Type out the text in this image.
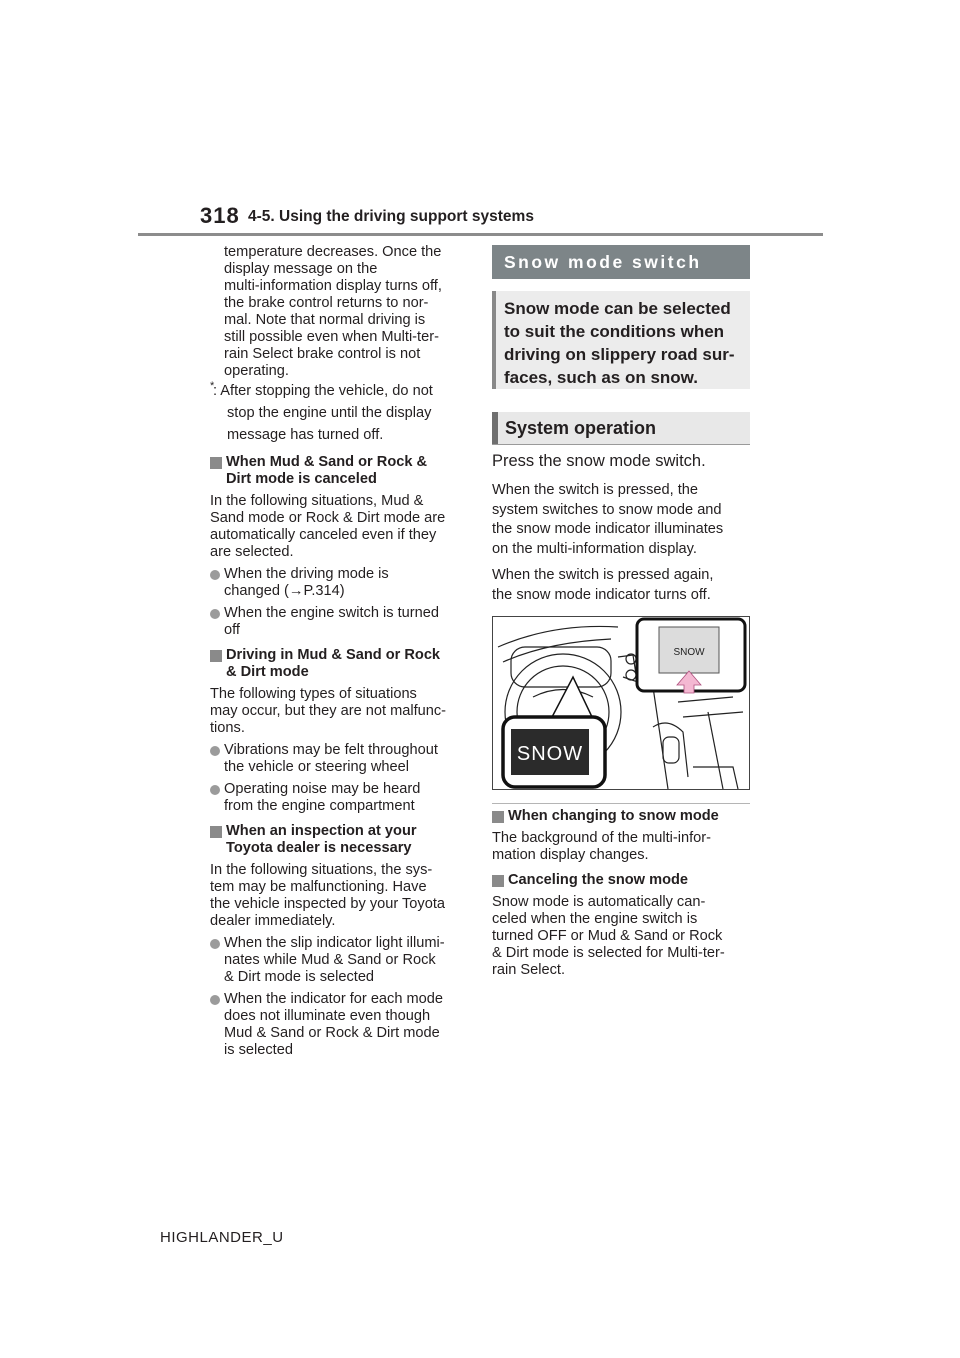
318 4-5. Using the driving support systems
temperature decreases. Once the
display message on the
multi-information display turns off,
the brake control returns to nor-
mal. Note that normal driving is
still possible even when Multi-ter-
rain Select brake control is not
operating.
*
: After stopping the vehicle, do not
stop the engine until the display
message has turned off.
When Mud & Sand or Rock &
Dirt mode is canceled
In the following situations, Mud &
Sand mode or Rock & Dirt mode are
automatically canceled even if they
are selected.
When the driving mode is
changed (→P.314)
When the engine switch is turned
off
Driving in Mud & Sand or Rock
& Dirt mode
The following types of situations
may occur, but they are not malfunc-
tions.
Vibrations may be felt throughout
the vehicle or steering wheel
Operating noise may be heard
from the engine compartment
When an inspection at your
Toyota dealer is necessary
In the following situations, the sys-
tem may be malfunctioning. Have
the vehicle inspected by your Toyota
dealer immediately.
When the slip indicator light illumi-
nates while Mud & Sand or Rock
& Dirt mode is selected
When the indicator for each mode
does not illuminate even though
Mud & Sand or Rock & Dirt mode
is selected
Snow mode switch
Snow mode can be selected
to suit the conditions when
driving on slippery road sur-
faces, such as on snow.
System operation
Press the snow mode switch.
When the switch is pressed, the
system switches to snow mode and
the snow mode indicator illuminates
on the multi-information display.
When the switch is pressed again,
the snow mode indicator turns off.
SNOW
SNOW
When changing to snow mode
The background of the multi-infor-
mation display changes.
Canceling the snow mode
Snow mode is automatically can-
celed when the engine switch is
turned OFF or Mud & Sand or Rock
& Dirt mode is selected for Multi-ter-
rain Select.
HIGHLANDER_U
